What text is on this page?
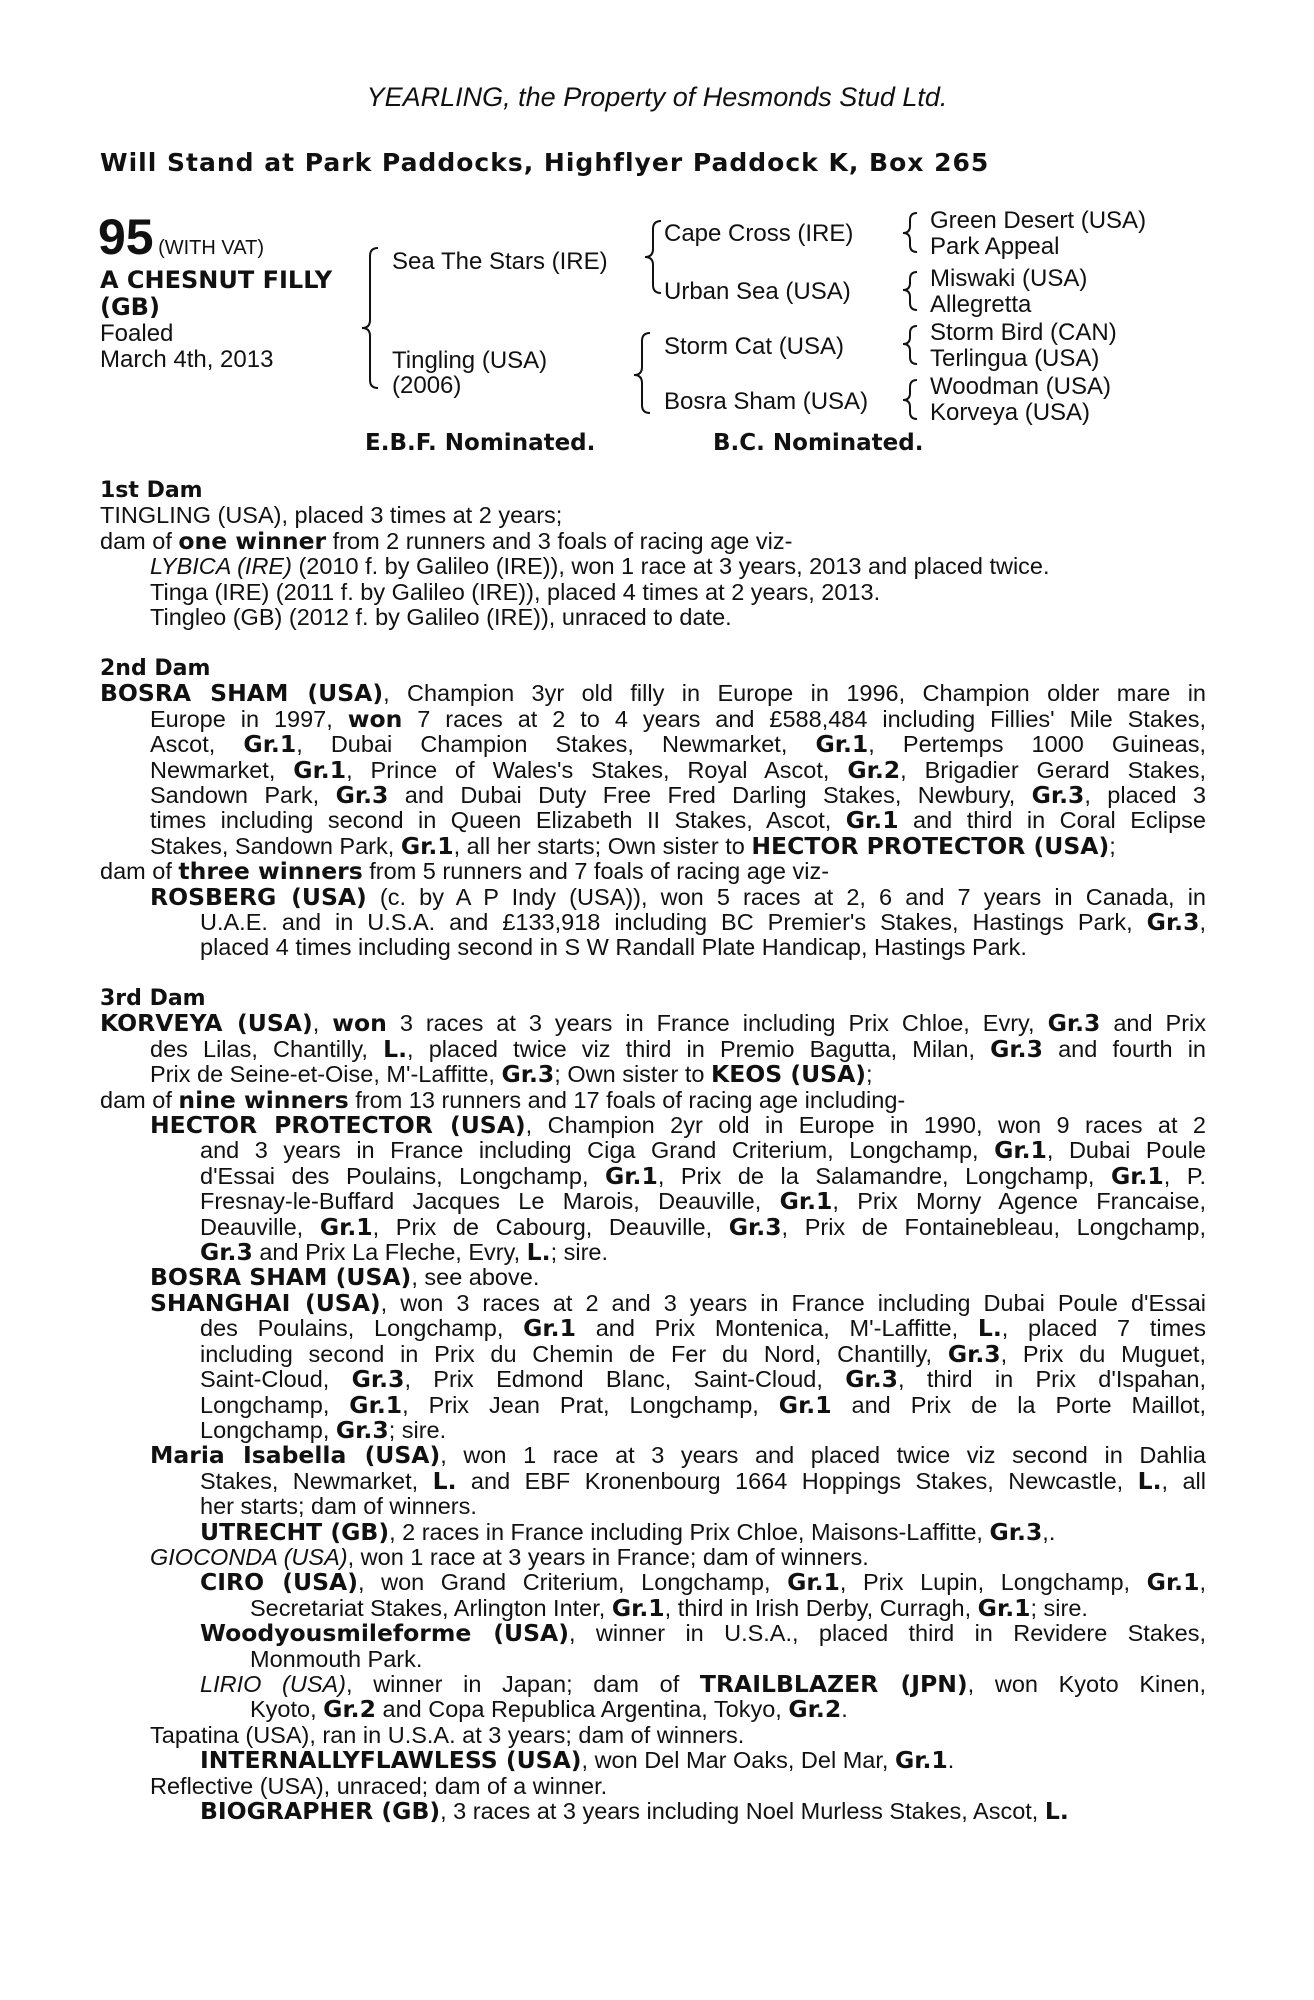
YEARLING, the Property of Hesmonds Stud Ltd.
Will Stand at Park Paddocks, Highflyer Paddock K, Box 265
95 (WITH VAT)
A CHESNUT FILLY
(GB)
Foaled
March 4th, 2013
Sea The Stars (IRE)
Tingling (USA)
(2006)
Cape Cross (IRE)
Urban Sea (USA)
Storm Cat (USA)
Bosra Sham (USA)
Green Desert (USA)
Park Appeal
Miswaki (USA)
Allegretta
Storm Bird (CAN)
Terlingua (USA)
Woodman (USA)
Korveya (USA)
E.B.F. Nominated.	B.C. Nominated.
1st Dam
TINGLING (USA), placed 3 times at 2 years;
dam of one winner from 2 runners and 3 foals of racing age viz-
LYBICA (IRE) (2010 f. by Galileo (IRE)), won 1 race at 3 years, 2013 and placed twice.
Tinga (IRE) (2011 f. by Galileo (IRE)), placed 4 times at 2 years, 2013.
Tingleo (GB) (2012 f. by Galileo (IRE)), unraced to date.
2nd Dam
BOSRA SHAM (USA), Champion 3yr old filly in Europe in 1996, Champion older mare in
Europe in 1997, won 7 races at 2 to 4 years and £588,484 including Fillies' Mile Stakes,
Ascot, Gr.1, Dubai Champion Stakes, Newmarket, Gr.1, Pertemps 1000 Guineas,
Newmarket, Gr.1, Prince of Wales's Stakes, Royal Ascot, Gr.2, Brigadier Gerard Stakes,
Sandown Park, Gr.3 and Dubai Duty Free Fred Darling Stakes, Newbury, Gr.3, placed 3
times including second in Queen Elizabeth II Stakes, Ascot, Gr.1 and third in Coral Eclipse
Stakes, Sandown Park, Gr.1, all her starts; Own sister to HECTOR PROTECTOR (USA);
dam of three winners from 5 runners and 7 foals of racing age viz-
ROSBERG (USA) (c. by A P Indy (USA)), won 5 races at 2, 6 and 7 years in Canada, in
U.A.E. and in U.S.A. and £133,918 including BC Premier's Stakes, Hastings Park, Gr.3,
placed 4 times including second in S W Randall Plate Handicap, Hastings Park.
3rd Dam
KORVEYA (USA), won 3 races at 3 years in France including Prix Chloe, Evry, Gr.3 and Prix
des Lilas, Chantilly, L., placed twice viz third in Premio Bagutta, Milan, Gr.3 and fourth in
Prix de Seine-et-Oise, M'-Laffitte, Gr.3; Own sister to KEOS (USA);
dam of nine winners from 13 runners and 17 foals of racing age including-
HECTOR PROTECTOR (USA), Champion 2yr old in Europe in 1990, won 9 races at 2
and 3 years in France including Ciga Grand Criterium, Longchamp, Gr.1, Dubai Poule
d'Essai des Poulains, Longchamp, Gr.1, Prix de la Salamandre, Longchamp, Gr.1, P.
Fresnay-le-Buffard Jacques Le Marois, Deauville, Gr.1, Prix Morny Agence Francaise,
Deauville, Gr.1, Prix de Cabourg, Deauville, Gr.3, Prix de Fontainebleau, Longchamp,
Gr.3 and Prix La Fleche, Evry, L.; sire.
BOSRA SHAM (USA), see above.
SHANGHAI (USA), won 3 races at 2 and 3 years in France including Dubai Poule d'Essai
des Poulains, Longchamp, Gr.1 and Prix Montenica, M'-Laffitte, L., placed 7 times
including second in Prix du Chemin de Fer du Nord, Chantilly, Gr.3, Prix du Muguet,
Saint-Cloud, Gr.3, Prix Edmond Blanc, Saint-Cloud, Gr.3, third in Prix d'Ispahan,
Longchamp, Gr.1, Prix Jean Prat, Longchamp, Gr.1 and Prix de la Porte Maillot,
Longchamp, Gr.3; sire.
Maria Isabella (USA), won 1 race at 3 years and placed twice viz second in Dahlia
Stakes, Newmarket, L. and EBF Kronenbourg 1664 Hoppings Stakes, Newcastle, L., all
her starts; dam of winners.
UTRECHT (GB), 2 races in France including Prix Chloe, Maisons-Laffitte, Gr.3,.
GIOCONDA (USA), won 1 race at 3 years in France; dam of winners.
CIRO (USA), won Grand Criterium, Longchamp, Gr.1, Prix Lupin, Longchamp, Gr.1,
Secretariat Stakes, Arlington Inter, Gr.1, third in Irish Derby, Curragh, Gr.1; sire.
Woodyousmileforme (USA), winner in U.S.A., placed third in Revidere Stakes,
Monmouth Park.
LIRIO (USA), winner in Japan; dam of TRAILBLAZER (JPN), won Kyoto Kinen,
Kyoto, Gr.2 and Copa Republica Argentina, Tokyo, Gr.2.
Tapatina (USA), ran in U.S.A. at 3 years; dam of winners.
INTERNALLYFLAWLESS (USA), won Del Mar Oaks, Del Mar, Gr.1.
Reflective (USA), unraced; dam of a winner.
BIOGRAPHER (GB), 3 races at 3 years including Noel Murless Stakes, Ascot, L.
